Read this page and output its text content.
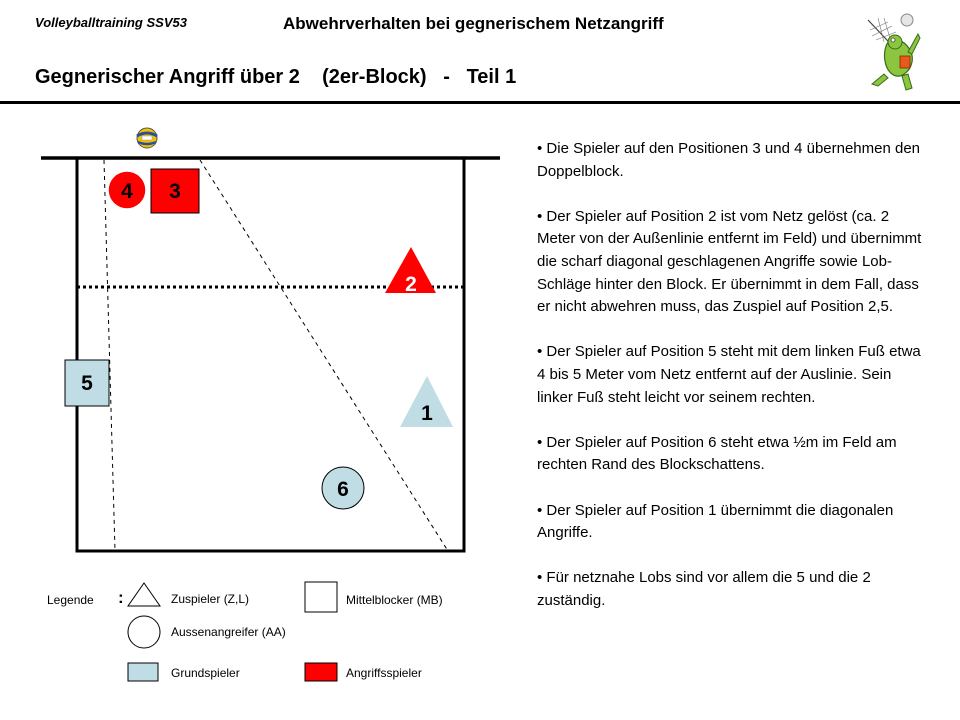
Volleyballtraining SSV53	Abwehrverhalten bei gegnerischem Netzangriff
Gegnerischer Angriff über 2    (2er-Block)   -   Teil 1
4 3
2
5
1
6

• Die Spieler auf den Positionen 3 und 4 übernehmen den Doppelblock.

• Der Spieler auf Position 2 ist vom Netz gelöst (ca. 2 Meter von der Außenlinie entfernt im Feld) und übernimmt die scharf diagonal geschlagenen Angriffe sowie Lob-Schläge hinter den Block. Er übernimmt in dem Fall, dass er nicht abwehren muss, das Zuspiel auf Position 2,5.

• Der Spieler auf Position 5 steht mit dem linken Fuß etwa 4 bis 5 Meter vom Netz entfernt auf der Auslinie. Sein linker Fuß steht leicht vor seinem rechten.

• Der Spieler auf Position 6 steht etwa ½m im Feld am rechten Rand des Blockschattens.

• Der Spieler auf Position 1 übernimmt die diagonalen Angriffe.

• Für netznahe Lobs sind vor allem die 5 und die 2 zuständig.

Legende :	Zuspieler (Z,L)
Aussenangreifer (AA)
Grundspieler
Mittelblocker (MB)
Angriffsspieler
